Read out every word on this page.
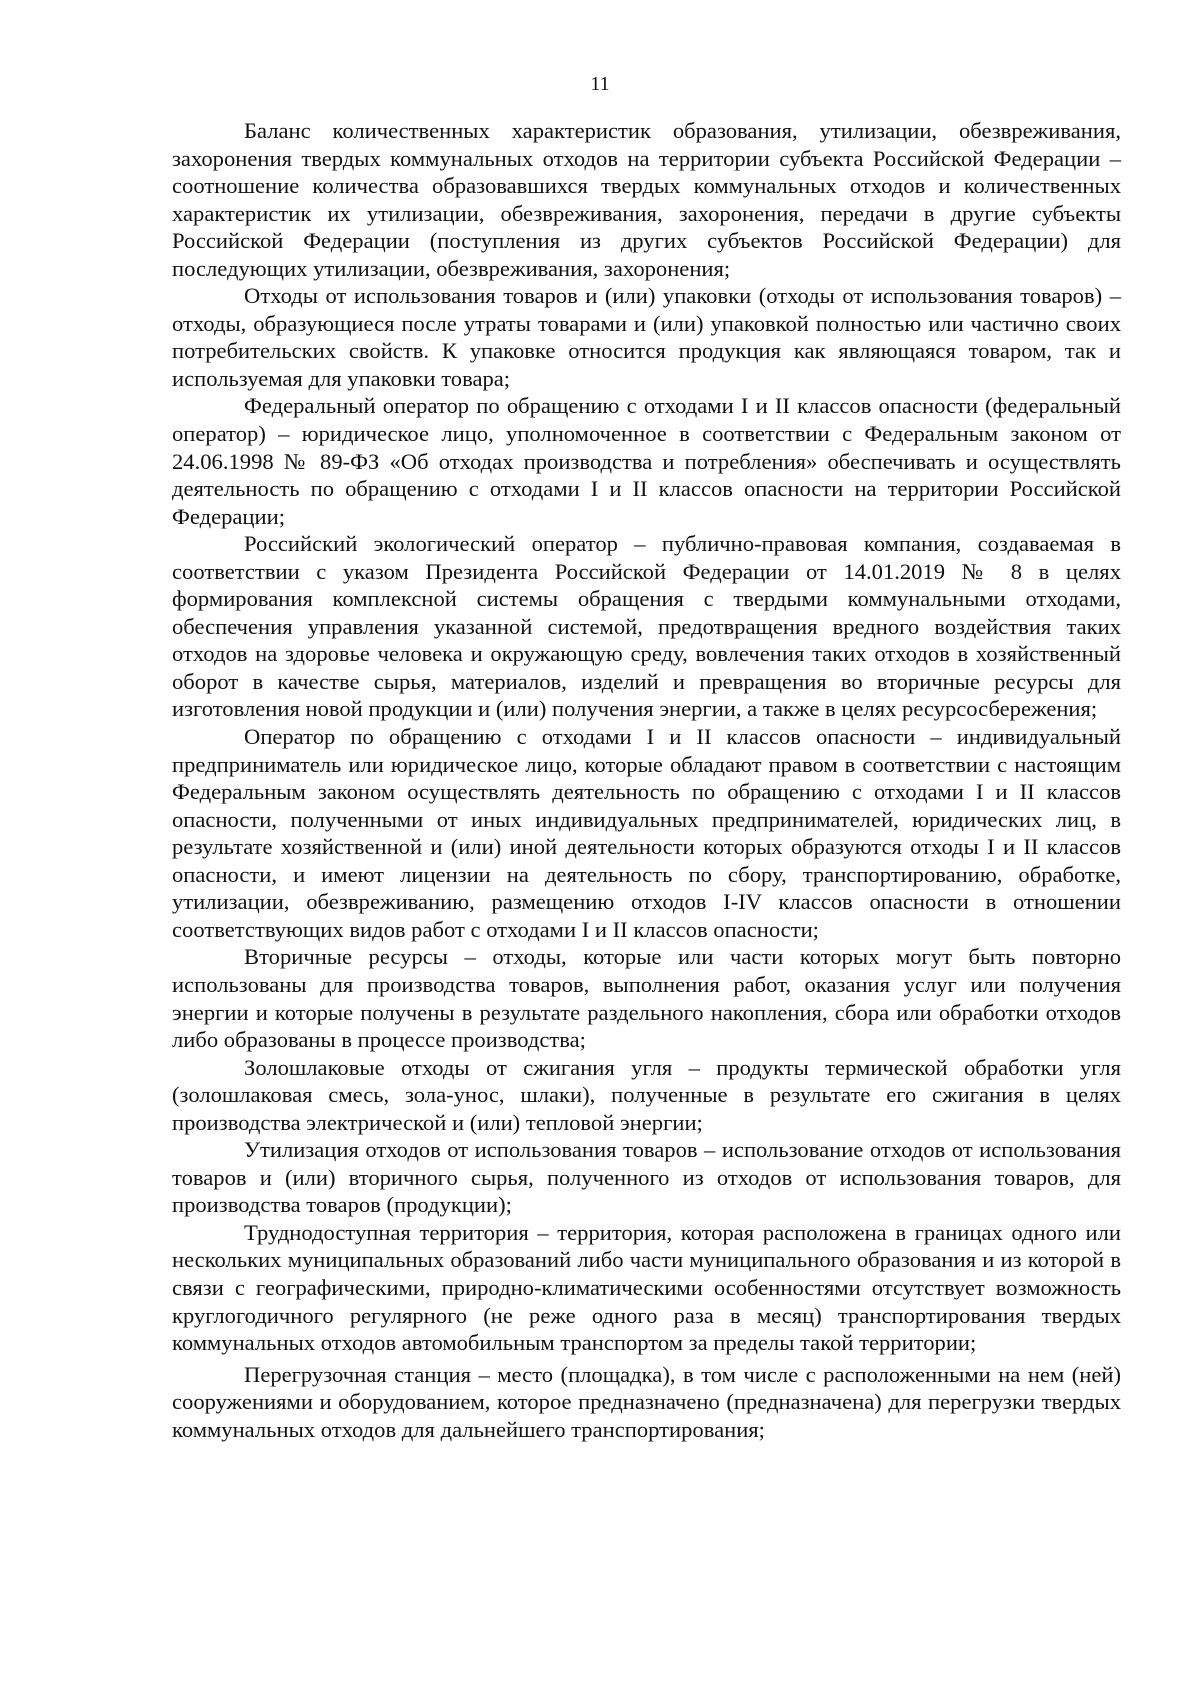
11

Баланс количественных характеристик образования, утилизации, обезвреживания, захоронения твердых коммунальных отходов на территории субъекта Российской Федерации – соотношение количества образовавшихся твердых коммунальных отходов и количественных характеристик их утилизации, обезвреживания, захоронения, передачи в другие субъекты Российской Федерации (поступления из других субъектов Российской Федерации) для последующих утилизации, обезвреживания, захоронения;

Отходы от использования товаров и (или) упаковки (отходы от использования товаров) – отходы, образующиеся после утраты товарами и (или) упаковкой полностью или частично своих потребительских свойств. К упаковке относится продукция как являющаяся товаром, так и используемая для упаковки товара;

Федеральный оператор по обращению с отходами I и II классов опасности (федеральный оператор) – юридическое лицо, уполномоченное в соответствии с Федеральным законом от 24.06.1998 № 89-ФЗ «Об отходах производства и потребления» обеспечивать и осуществлять деятельность по обращению с отходами I и II классов опасности на территории Российской Федерации;

Российский экологический оператор – публично-правовая компания, создаваемая в соответствии с указом Президента Российской Федерации от 14.01.2019 № 8 в целях формирования комплексной системы обращения с твердыми коммунальными отходами, обеспечения управления указанной системой, предотвращения вредного воздействия таких отходов на здоровье человека и окружающую среду, вовлечения таких отходов в хозяйственный оборот в качестве сырья, материалов, изделий и превращения во вторичные ресурсы для изготовления новой продукции и (или) получения энергии, а также в целях ресурсосбережения;

Оператор по обращению с отходами I и II классов опасности – индивидуальный предприниматель или юридическое лицо, которые обладают правом в соответствии с настоящим Федеральным законом осуществлять деятельность по обращению с отходами I и II классов опасности, полученными от иных индивидуальных предпринимателей, юридических лиц, в результате хозяйственной и (или) иной деятельности которых образуются отходы I и II классов опасности, и имеют лицензии на деятельность по сбору, транспортированию, обработке, утилизации, обезвреживанию, размещению отходов I-IV классов опасности в отношении соответствующих видов работ с отходами I и II классов опасности;

Вторичные ресурсы – отходы, которые или части которых могут быть повторно использованы для производства товаров, выполнения работ, оказания услуг или получения энергии и которые получены в результате раздельного накопления, сбора или обработки отходов либо образованы в процессе производства;

Золошлаковые отходы от сжигания угля – продукты термической обработки угля (золошлаковая смесь, зола-унос, шлаки), полученные в результате его сжигания в целях производства электрической и (или) тепловой энергии;

Утилизация отходов от использования товаров – использование отходов от использования товаров и (или) вторичного сырья, полученного из отходов от использования товаров, для производства товаров (продукции);

Труднодоступная территория – территория, которая расположена в границах одного или нескольких муниципальных образований либо части муниципального образования и из которой в связи с географическими, природно-климатическими особенностями отсутствует возможность круглогодичного регулярного (не реже одного раза в месяц) транспортирования твердых коммунальных отходов автомобильным транспортом за пределы такой территории;

Перегрузочная станция – место (площадка), в том числе с расположенными на нем (ней) сооружениями и оборудованием, которое предназначено (предназначена) для перегрузки твердых коммунальных отходов для дальнейшего транспортирования;
